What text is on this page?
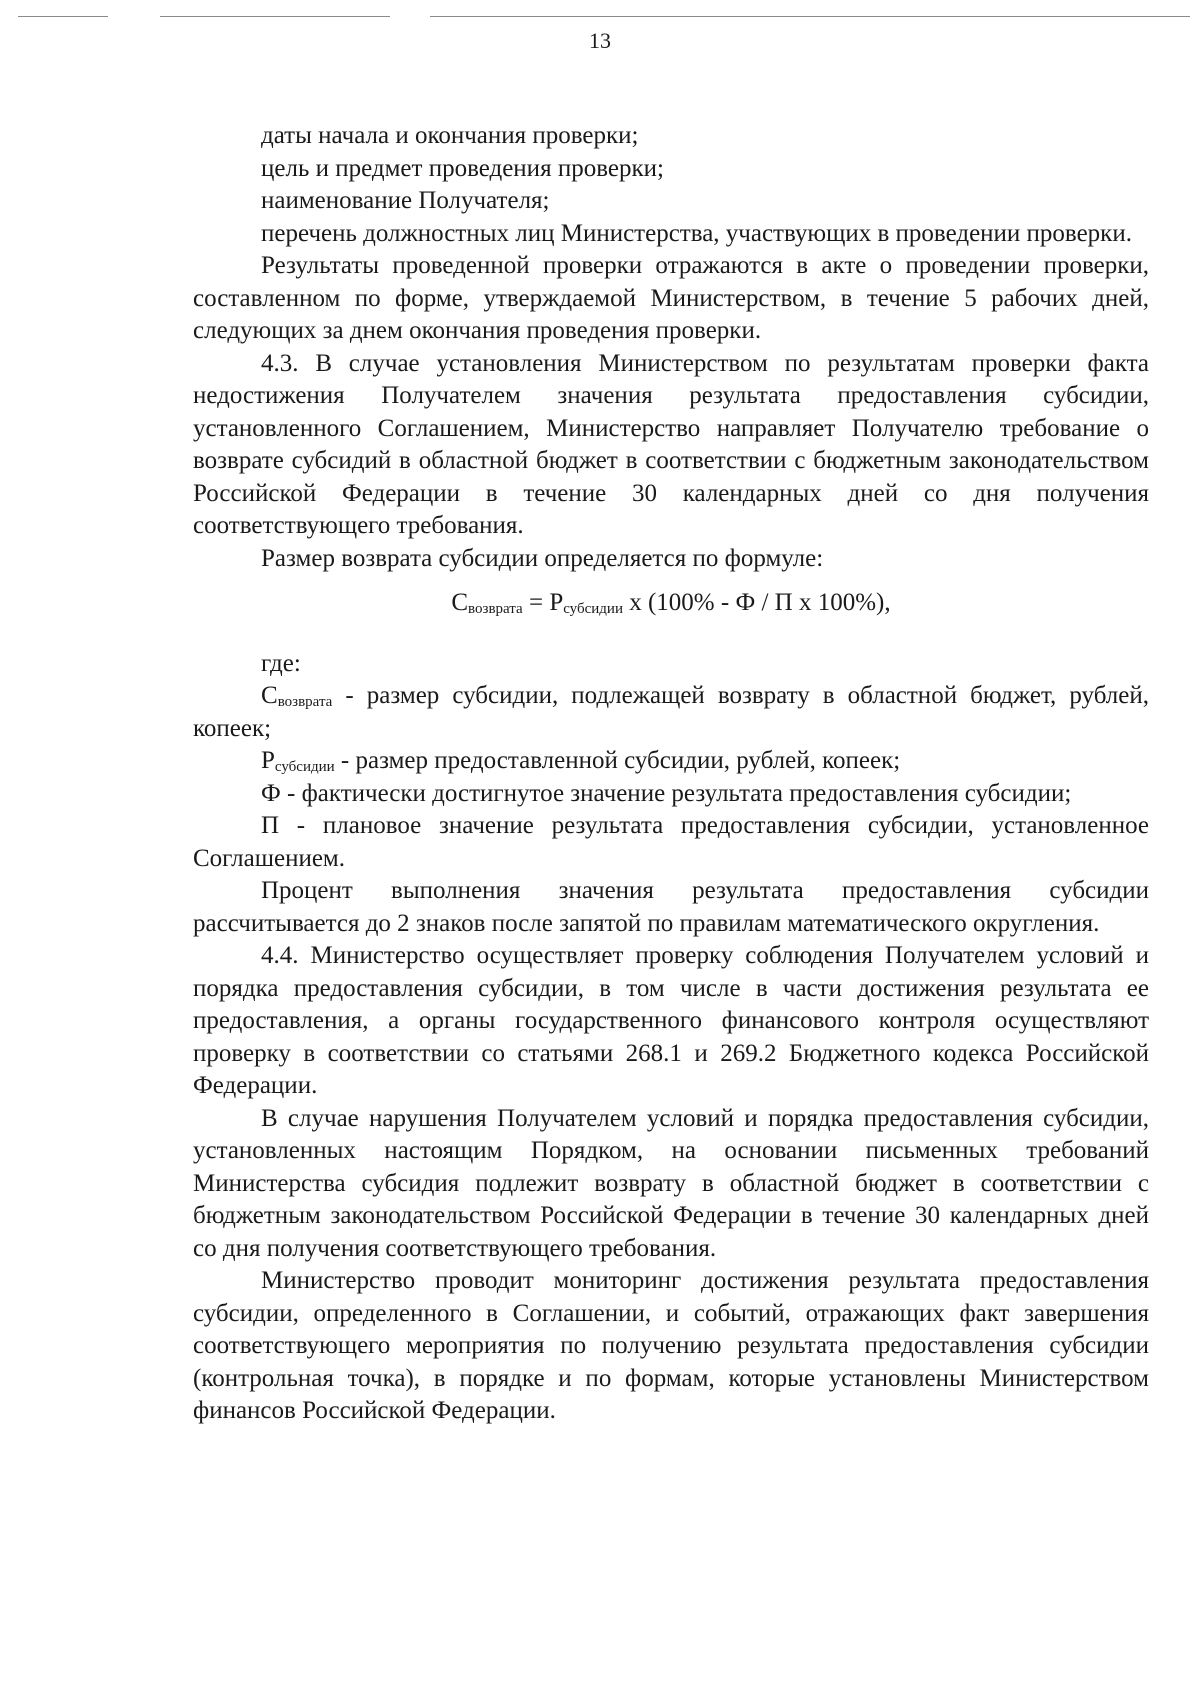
13

даты начала и окончания проверки;

цель и предмет проведения проверки;

наименование Получателя;

перечень должностных лиц Министерства, участвующих в проведении проверки.

Результаты проведенной проверки отражаются в акте о проведении проверки, составленном по форме, утверждаемой Министерством, в течение 5 рабочих дней, следующих за днем окончания проведения проверки.

4.3. В случае установления Министерством по результатам проверки факта недостижения Получателем значения результата предоставления субсидии, установленного Соглашением, Министерство направляет Получателю требование о возврате субсидий в областной бюджет в соответствии с бюджетным законодательством Российской Федерации в течение 30 календарных дней со дня получения соответствующего требования.

Размер возврата субсидии определяется по формуле:

$С_{возврата} = Р_{субсидии}$ х (100% - Ф / П х 100%),

где:

$С_{возврата}$ - размер субсидии, подлежащей возврату в областной бюджет, рублей, копеек;

$Р_{субсидии}$ - размер предоставленной субсидии, рублей, копеек;

Ф - фактически достигнутое значение результата предоставления субсидии;

П - плановое значение результата предоставления субсидии, установленное Соглашением.

Процент выполнения значения результата предоставления субсидии рассчитывается до 2 знаков после запятой по правилам математического округления.

4.4. Министерство осуществляет проверку соблюдения Получателем условий и порядка предоставления субсидии, в том числе в части достижения результата ее предоставления, а органы государственного финансового контроля осуществляют проверку в соответствии со статьями 268.1 и 269.2 Бюджетного кодекса Российской Федерации.

В случае нарушения Получателем условий и порядка предоставления субсидии, установленных настоящим Порядком, на основании письменных требований Министерства субсидия подлежит возврату в областной бюджет в соответствии с бюджетным законодательством Российской Федерации в течение 30 календарных дней со дня получения соответствующего требования.

Министерство проводит мониторинг достижения результата предоставления субсидии, определенного в Соглашении, и событий, отражающих факт завершения соответствующего мероприятия по получению результата предоставления субсидии (контрольная точка), в порядке и по формам, которые установлены Министерством финансов Российской Федерации.
